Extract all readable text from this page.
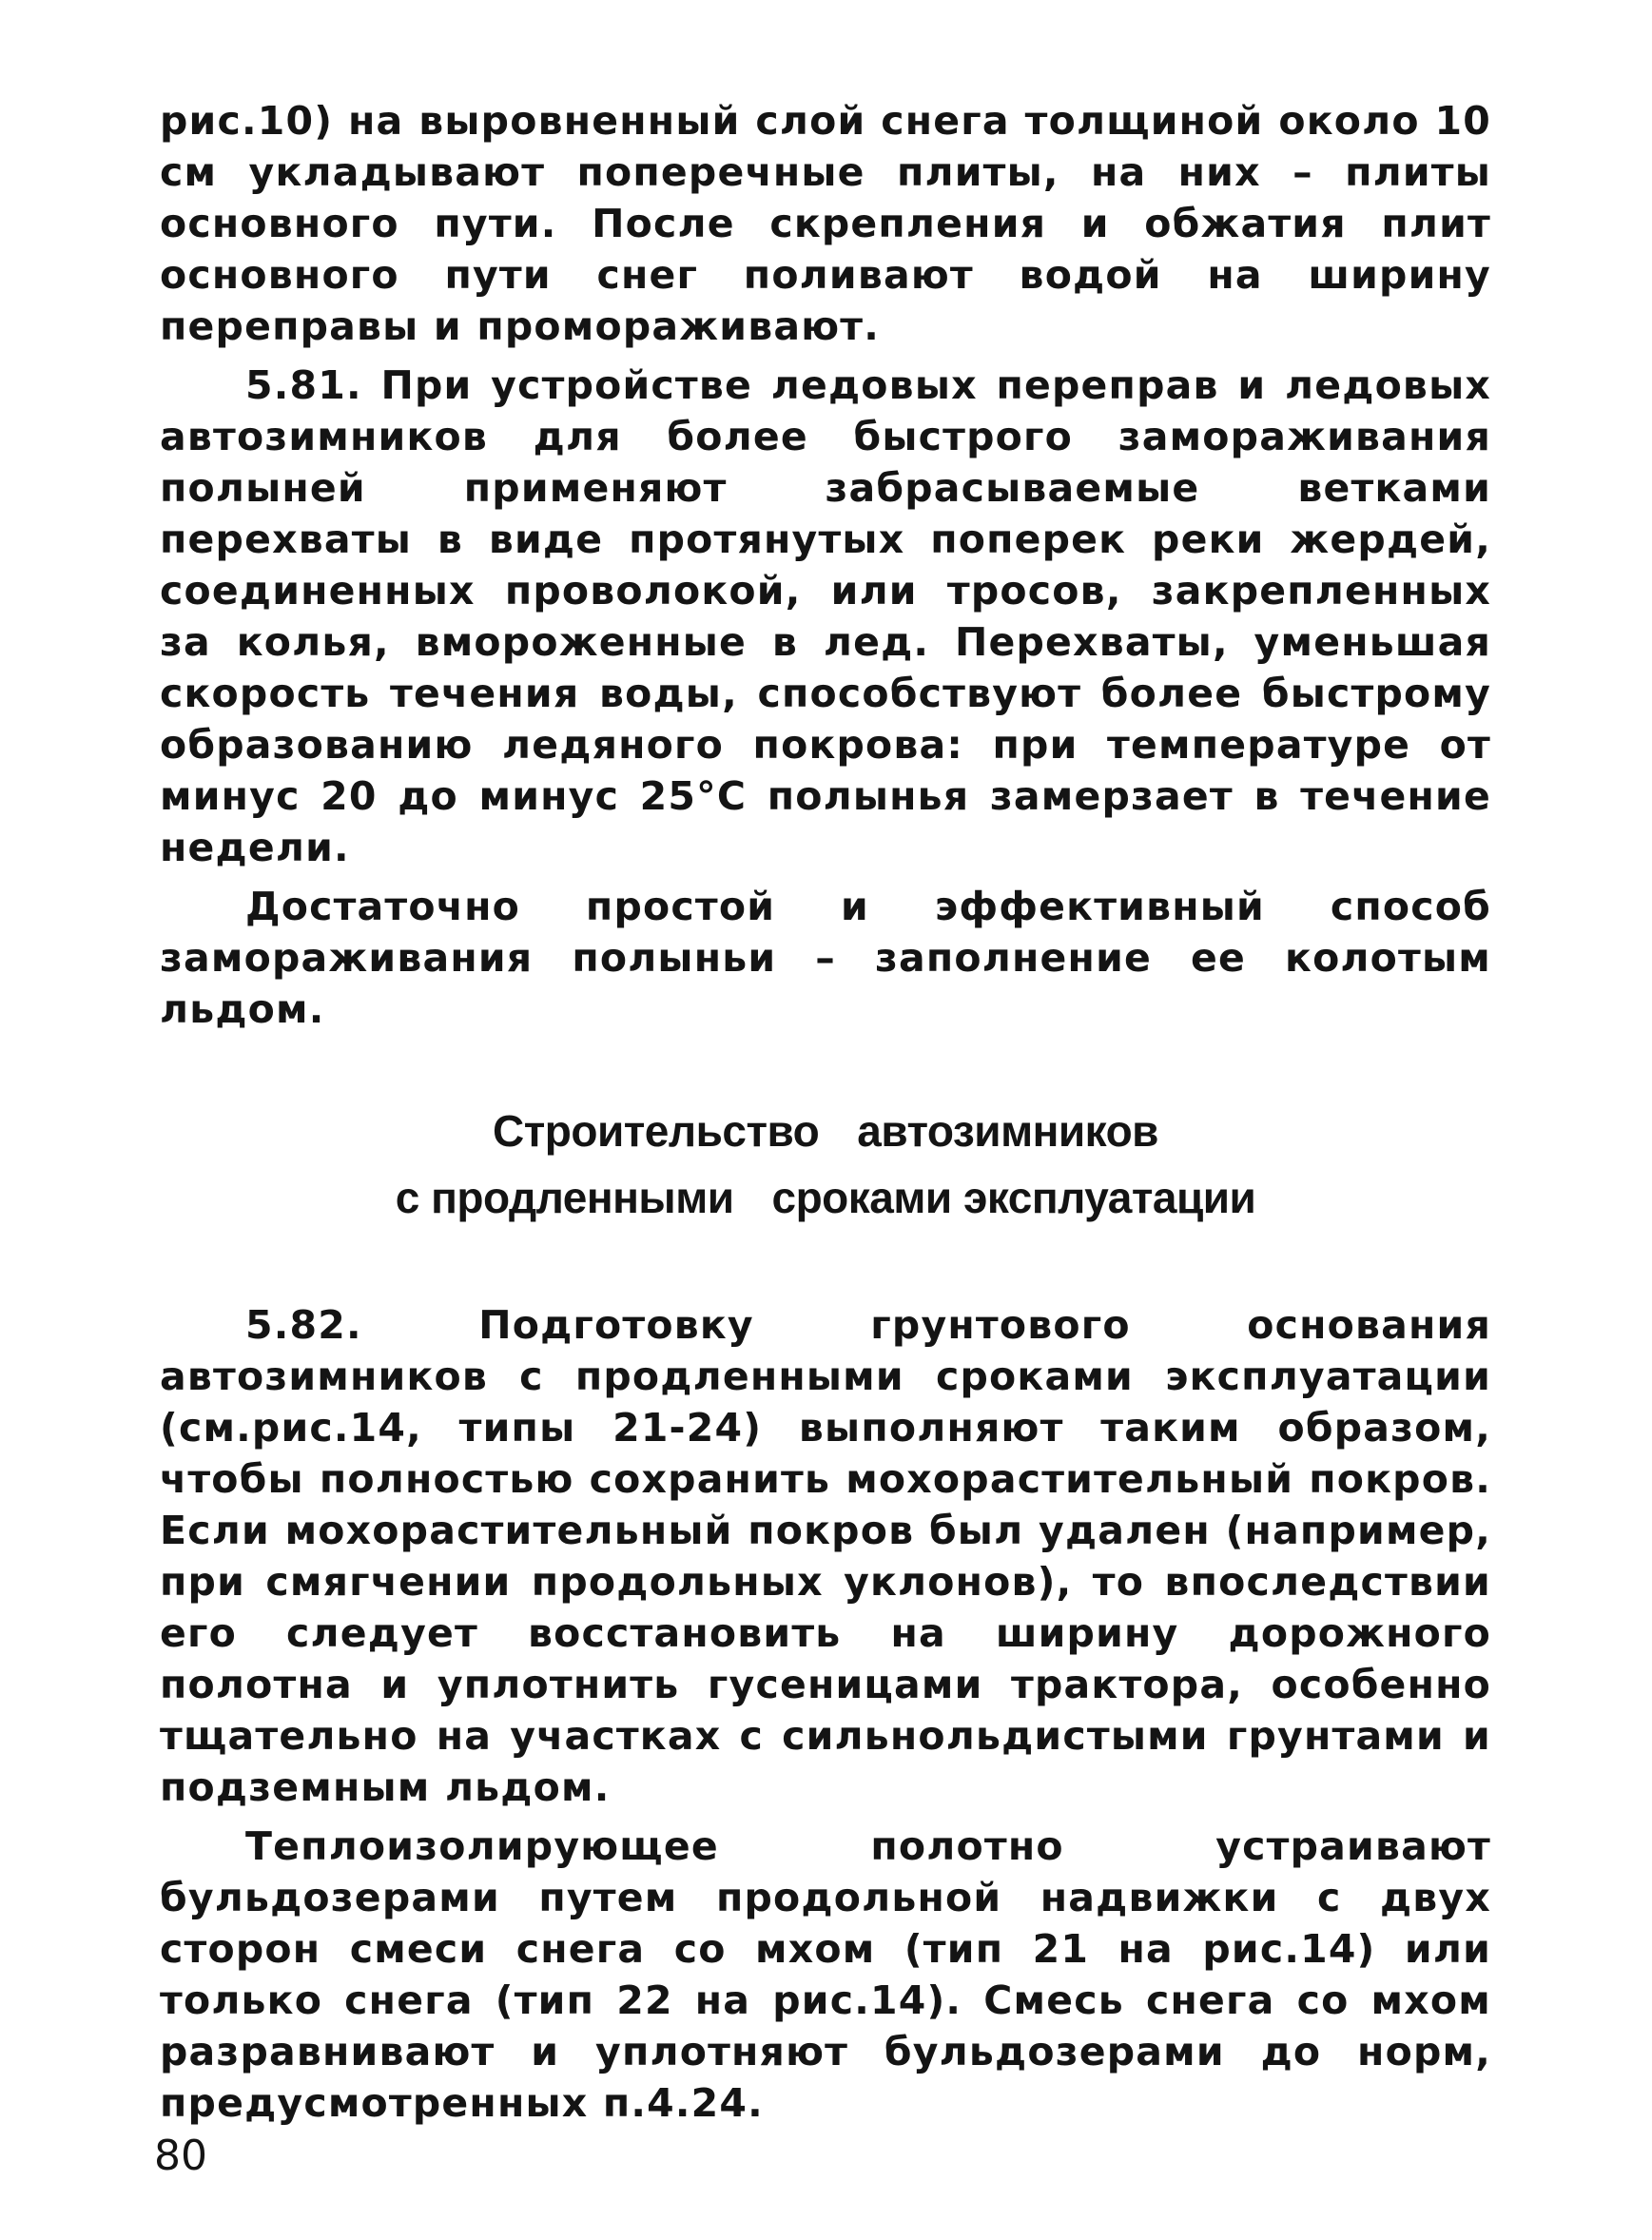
рис.10) на выровненный слой снега толщиной около 10 см укладывают поперечные плиты, на них – плиты основного пути. После скрепления и обжатия плит основного пути снег поливают водой на ширину переправы и проморaживают.

5.81. При устройстве ледовых переправ и ледовых автозимников для более быстрого замораживания полыней применяют забрасываемые ветками перехваты в виде протянутых поперек реки жердей, соединенных проволокой, или тросов, закрепленных за колья, вмороженные в лед. Перехваты, уменьшая скорость течения воды, способствуют более быстрому образованию ледяного покрова: при температуре от минус 20 до минус 25°С полынья замерзает в течение недели.

Достаточно простой и эффективный способ замораживания полыньи – заполнение ее колотым льдом.

Строительство автозимников

с продленными сроками эксплуатации

5.82. Подготовку грунтового основания автозимников с продленными сроками эксплуатации (см.рис.14, типы 21-24) выполняют таким образом, чтобы полностью сохранить мохорастительный покров. Если мохорастительный покров был удален (например, при смягчении продольных уклонов), то впоследствии его следует восстановить на ширину дорожного полотна и уплотнить гусеницами трактора, особенно тщательно на участках с сильнольдистыми грунтами и подземным льдом.

Теплоизолирующее полотно устраивают бульдозерами путем продольной надвижки с двух сторон смеси снега со мхом (тип 21 на рис.14) или только снега (тип 22 на рис.14). Смесь снега со мхом разравнивают и уплотняют бульдозерами до норм, предусмотренных п.4.24.

80
